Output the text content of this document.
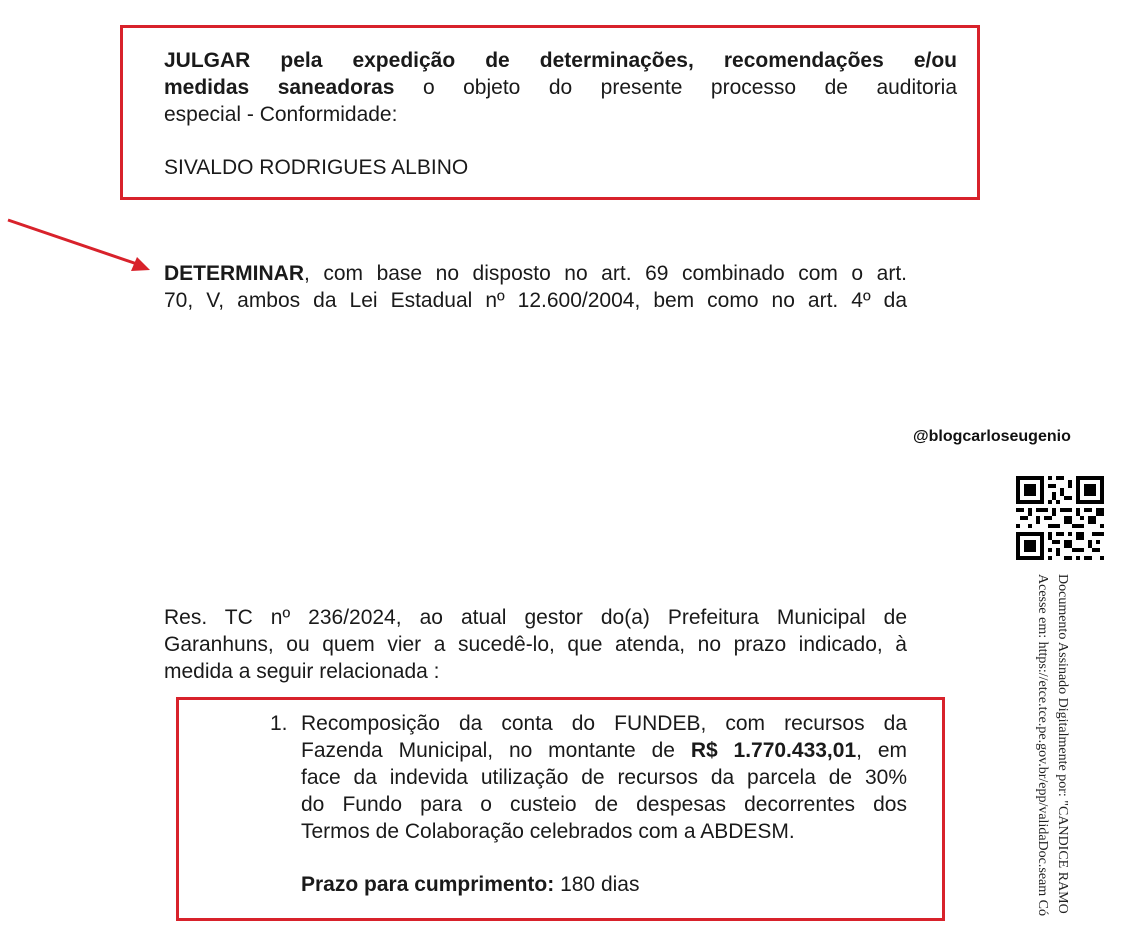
JULGAR pela expedição de determinações, recomendações e/ou
medidas saneadoras o objeto do presente processo de auditoria
especial - Conformidade:
SIVALDO RODRIGUES ALBINO
DETERMINAR, com base no disposto no art. 69 combinado com o art.
70, V, ambos da Lei Estadual nº 12.600/2004, bem como no art. 4º da
@blogcarloseugenio
Documento Assinado Digitalmente por: "CANDICE RAMO
Acesse em: https://etce.tce.pe.gov.br/epp/validaDoc.seam Có
Res. TC nº 236/2024, ao atual gestor do(a) Prefeitura Municipal de
Garanhuns, ou quem vier a sucedê-lo, que atenda, no prazo indicado, à
medida a seguir relacionada :
1. Recomposição da conta do FUNDEB, com recursos da
Fazenda Municipal, no montante de R$ 1.770.433,01, em
face da indevida utilização de recursos da parcela de 30%
do Fundo para o custeio de despesas decorrentes dos
Termos de Colaboração celebrados com a ABDESM.
Prazo para cumprimento: 180 dias
